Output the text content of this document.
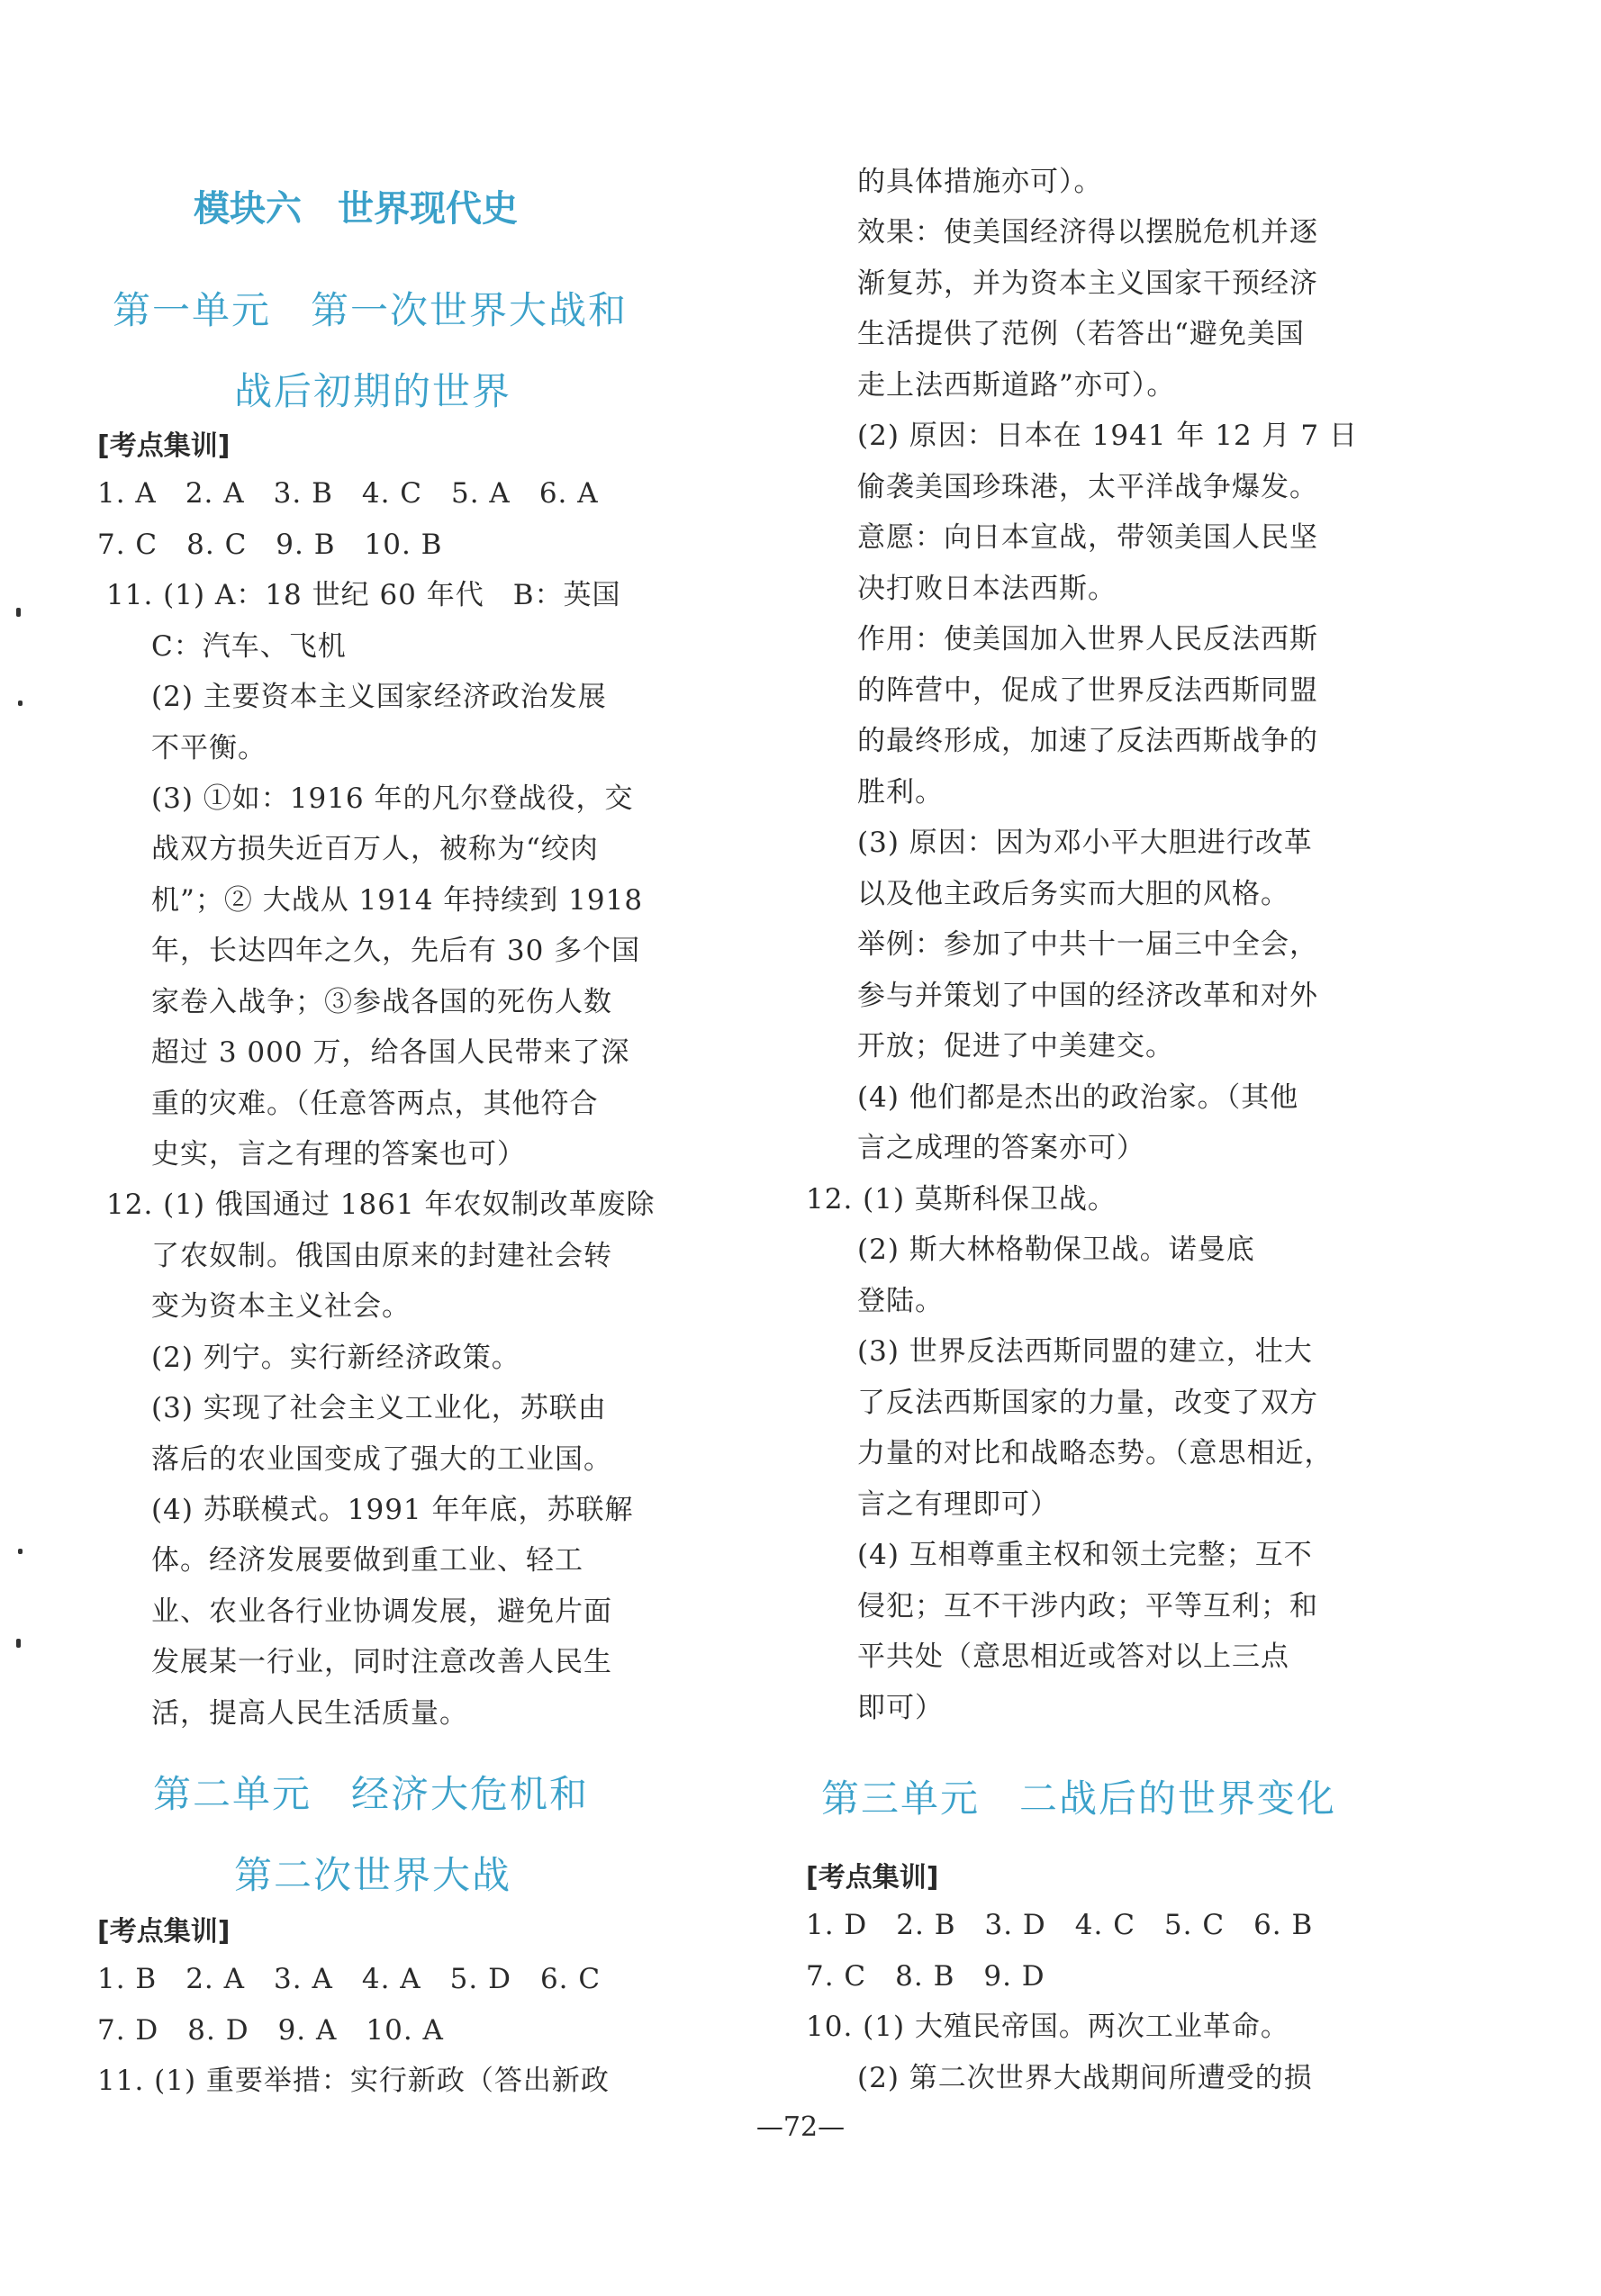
模块六　世界现代史
第一单元　第一次世界大战和
战后初期的世界
[考点集训]
1. A　2. A　3. B　4. C　5. A　6. A
7. C　8. C　9. B　10. B
11. (1) A：18 世纪 60 年代　B：英国
C：汽车、飞机
(2) 主要资本主义国家经济政治发展
不平衡。
(3) ①如：1916 年的凡尔登战役，交
战双方损失近百万人，被称为“绞肉
机”；② 大战从 1914 年持续到 1918
年，长达四年之久，先后有 30 多个国
家卷入战争；③参战各国的死伤人数
超过 3 000 万，给各国人民带来了深
重的灾难。（任意答两点，其他符合
史实，言之有理的答案也可）
12. (1) 俄国通过 1861 年农奴制改革废除
了农奴制。俄国由原来的封建社会转
变为资本主义社会。
(2) 列宁。实行新经济政策。
(3) 实现了社会主义工业化，苏联由
落后的农业国变成了强大的工业国。
(4) 苏联模式。1991 年年底，苏联解
体。经济发展要做到重工业、轻工
业、农业各行业协调发展，避免片面
发展某一行业，同时注意改善人民生
活，提高人民生活质量。
第二单元　经济大危机和
第二次世界大战
[考点集训]
1. B　2. A　3. A　4. A　5. D　6. C
7. D　8. D　9. A　10. A
11. (1) 重要举措：实行新政（答出新政
的具体措施亦可）。
效果：使美国经济得以摆脱危机并逐
渐复苏，并为资本主义国家干预经济
生活提供了范例（若答出“避免美国
走上法西斯道路”亦可）。
(2) 原因：日本在 1941 年 12 月 7 日
偷袭美国珍珠港，太平洋战争爆发。
意愿：向日本宣战，带领美国人民坚
决打败日本法西斯。
作用：使美国加入世界人民反法西斯
的阵营中，促成了世界反法西斯同盟
的最终形成，加速了反法西斯战争的
胜利。
(3) 原因：因为邓小平大胆进行改革
以及他主政后务实而大胆的风格。
举例：参加了中共十一届三中全会，
参与并策划了中国的经济改革和对外
开放；促进了中美建交。
(4) 他们都是杰出的政治家。（其他
言之成理的答案亦可）
12. (1) 莫斯科保卫战。
(2) 斯大林格勒保卫战。诺曼底
登陆。
(3) 世界反法西斯同盟的建立，壮大
了反法西斯国家的力量，改变了双方
力量的对比和战略态势。（意思相近，
言之有理即可）
(4) 互相尊重主权和领土完整；互不
侵犯；互不干涉内政；平等互利；和
平共处（意思相近或答对以上三点
即可）
第三单元　二战后的世界变化
[考点集训]
1. D　2. B　3. D　4. C　5. C　6. B
7. C　8. B　9. D
10. (1) 大殖民帝国。两次工业革命。
(2) 第二次世界大战期间所遭受的损
—72—
